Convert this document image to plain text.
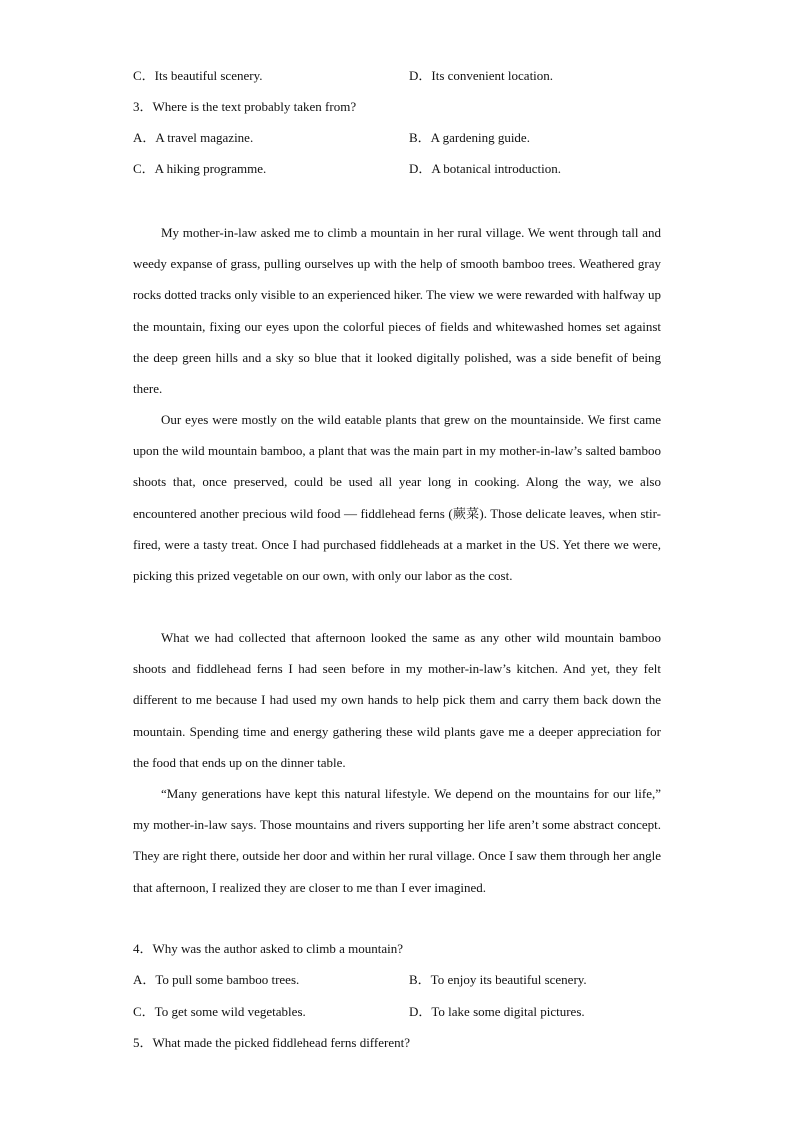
C．Its beautiful scenery.	D．Its convenient location.
3．Where is the text probably taken from?
A．A travel magazine.	B．A gardening guide.
C．A hiking programme.	D．A botanical introduction.

My mother-in-law asked me to climb a mountain in her rural village. We went through tall and weedy expanse of grass, pulling ourselves up with the help of smooth bamboo trees. Weathered gray rocks dotted tracks only visible to an experienced hiker. The view we were rewarded with halfway up the mountain, fixing our eyes upon the colorful pieces of fields and whitewashed homes set against the deep green hills and a sky so blue that it looked digitally polished, was a side benefit of being there.

Our eyes were mostly on the wild eatable plants that grew on the mountainside. We first came upon the wild mountain bamboo, a plant that was the main part in my mother-in-law’s salted bamboo shoots that, once preserved, could be used all year long in cooking. Along the way, we also encountered another precious wild food — fiddlehead ferns (蕨菜). Those delicate leaves, when stir-fired, were a tasty treat. Once I had purchased fiddleheads at a market in the US. Yet there we were, picking this prized vegetable on our own, with only our labor as the cost.

What we had collected that afternoon looked the same as any other wild mountain bamboo shoots and fiddlehead ferns I had seen before in my mother-in-law’s kitchen. And yet, they felt different to me because I had used my own hands to help pick them and carry them back down the mountain. Spending time and energy gathering these wild plants gave me a deeper appreciation for the food that ends up on the dinner table.

“Many generations have kept this natural lifestyle. We depend on the mountains for our life,” my mother-in-law says. Those mountains and rivers supporting her life aren’t some abstract concept. They are right there, outside her door and within her rural village. Once I saw them through her angle that afternoon, I realized they are closer to me than I ever imagined.

4．Why was the author asked to climb a mountain?
A．To pull some bamboo trees.	B．To enjoy its beautiful scenery.
C．To get some wild vegetables.	D．To lake some digital pictures.
5．What made the picked fiddlehead ferns different?
